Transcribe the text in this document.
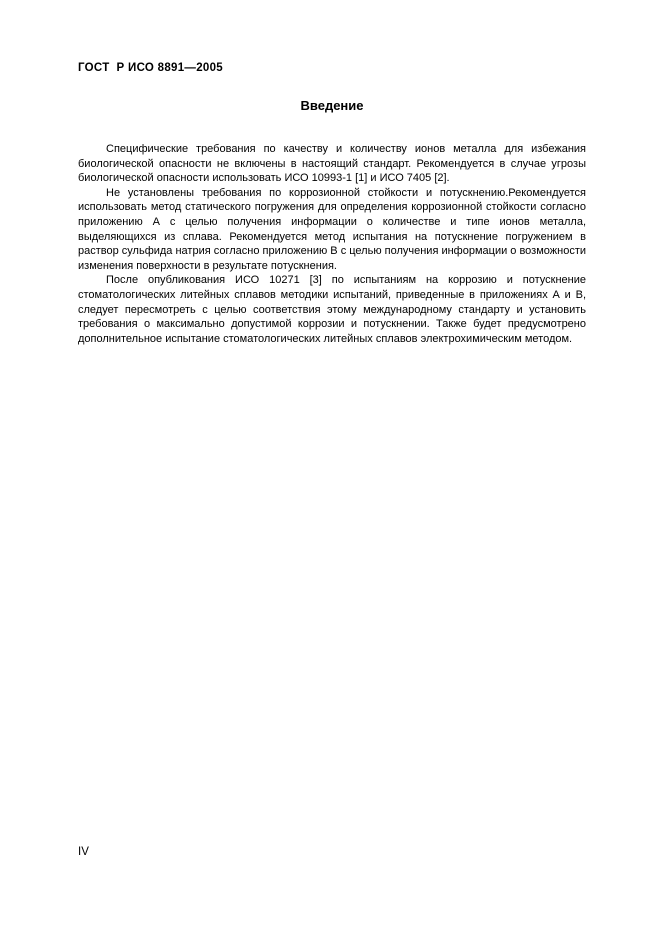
ГОСТ  Р ИСО 8891—2005
Введение

Специфические требования по качеству и количеству ионов металла для избежания биологической опасности не включены в настоящий стандарт. Рекомендуется в случае угрозы биологической опасности использовать ИСО 10993-1 [1] и ИСО 7405 [2].

Не установлены требования по коррозионной стойкости и потускнению.Рекомендуется использовать метод статического погружения для определения коррозионной стойкости согласно приложению А с целью получения информации о количестве и типе ионов металла, выделяющихся из сплава. Рекомендуется метод испытания на потускнение погружением в раствор сульфида натрия согласно приложению В с целью получения информации о возможности изменения поверхности в результате потускнения.

После опубликования ИСО 10271 [3] по испытаниям на коррозию и потускнение стоматологических литейных сплавов методики испытаний, приведенные в приложениях А и В, следует пересмотреть с целью соответствия этому международному стандарту и установить требования о максимально допустимой коррозии и потускнении. Также будет предусмотрено дополнительное испытание стоматологических литейных сплавов электрохимическим методом.

IV
